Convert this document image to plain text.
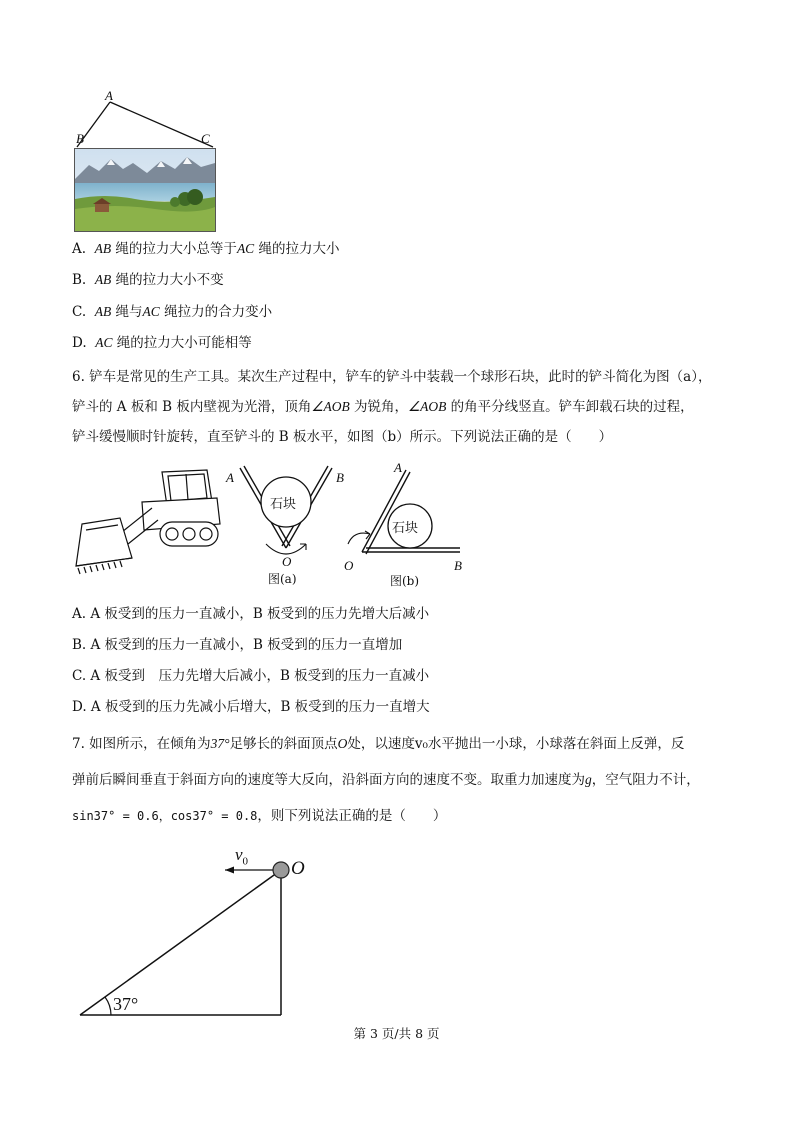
A
B	C
A. AB 绳的拉力大小总等于AC 绳的拉力大小
B. AB 绳的拉力大小不变
C. AB 绳与AC 绳拉力的合力变小
D. AC 绳的拉力大小可能相等
6. 铲车是常见的生产工具。某次生产过程中，铲车的铲斗中装载一个球形石块，此时的铲斗简化为图（a），
铲斗的 A 板和 B 板内壁视为光滑，顶角∠AOB 为锐角，∠AOB 的角平分线竖直。铲车卸载石块的过程，
铲斗缓慢顺时针旋转，直至铲斗的 B 板水平，如图（b）所示。下列说法正确的是（　　）
A	B
O
石块
图(a)
A
B
O
石块
图(b)
A. A 板受到的压力一直减小，B 板受到的压力先增大后减小
B. A 板受到的压力一直减小，B 板受到的压力一直增加
C. A 板受到　压力先增大后减小，B 板受到的压力一直减小
D. A 板受到的压力先减小后增大，B 板受到的压力一直增大
7. 如图所示，在倾角为37°足够长的斜面顶点O处，以速度v₀水平抛出一小球，小球落在斜面上反弹，反
弹前后瞬间垂直于斜面方向的速度等大反向，沿斜面方向的速度不变。取重力加速度为g，空气阻力不计，
sin37° = 0.6，cos37° = 0.8，则下列说法正确的是（　　）
$v_0$ O
37°
第 3 页/共 8 页
